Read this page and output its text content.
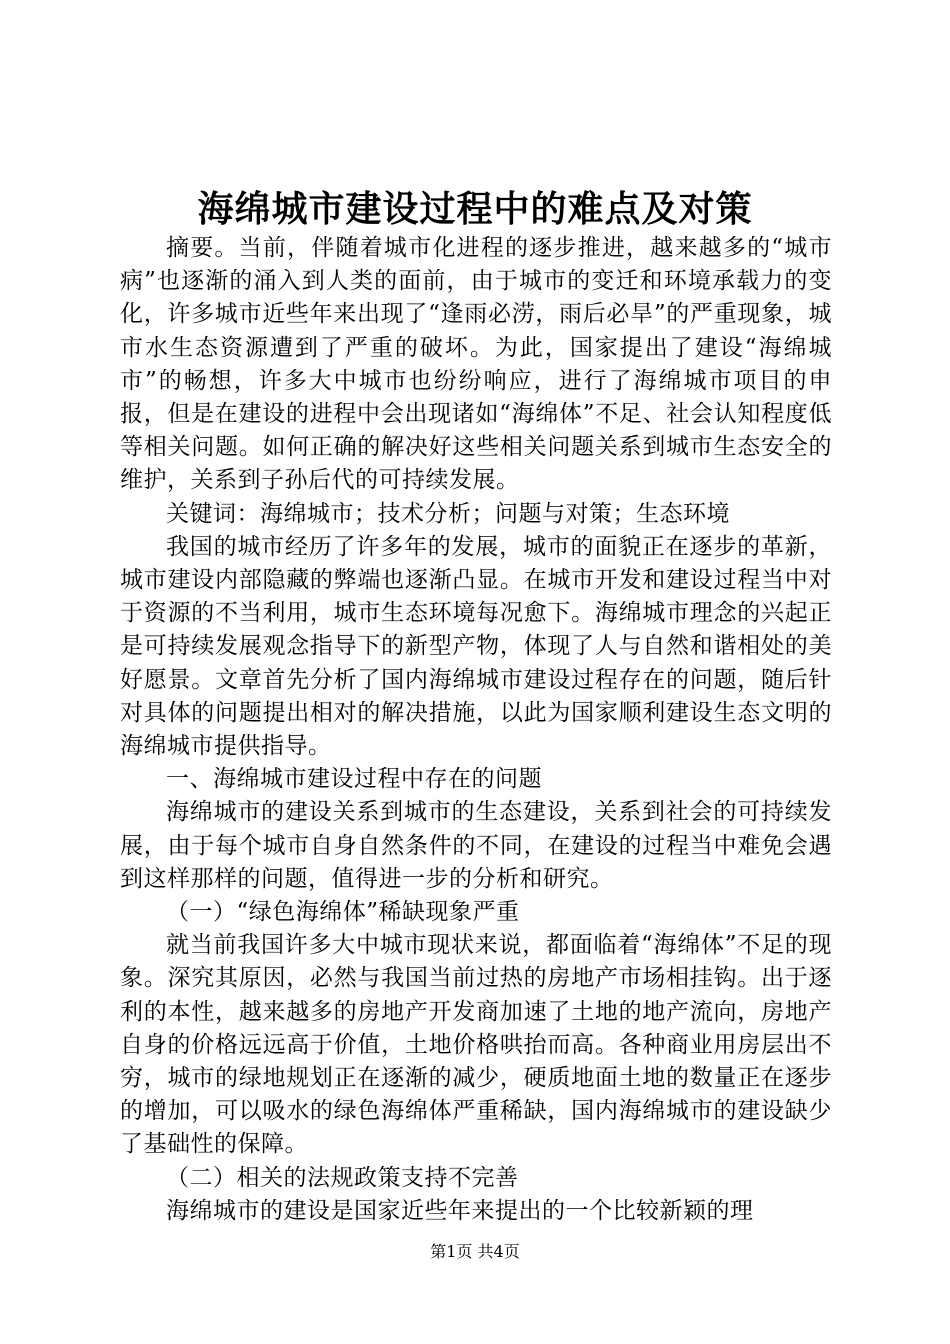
海绵城市建设过程中的难点及对策

摘要。当前，伴随着城市化进程的逐步推进，越来越多的“城市病”也逐渐的涌入到人类的面前，由于城市的变迁和环境承载力的变化，许多城市近些年来出现了“逢雨必涝，雨后必旱”的严重现象，城市水生态资源遭到了严重的破坏。为此，国家提出了建设“海绵城市”的畅想，许多大中城市也纷纷响应，进行了海绵城市项目的申报，但是在建设的进程中会出现诸如“海绵体”不足、社会认知程度低等相关问题。如何正确的解决好这些相关问题关系到城市生态安全的维护，关系到子孙后代的可持续发展。

关键词：海绵城市；技术分析；问题与对策；生态环境

我国的城市经历了许多年的发展，城市的面貌正在逐步的革新，城市建设内部隐藏的弊端也逐渐凸显。在城市开发和建设过程当中对于资源的不当利用，城市生态环境每况愈下。海绵城市理念的兴起正是可持续发展观念指导下的新型产物，体现了人与自然和谐相处的美好愿景。文章首先分析了国内海绵城市建设过程存在的问题，随后针对具体的问题提出相对的解决措施，以此为国家顺利建设生态文明的海绵城市提供指导。

一、海绵城市建设过程中存在的问题

海绵城市的建设关系到城市的生态建设，关系到社会的可持续发展，由于每个城市自身自然条件的不同，在建设的过程当中难免会遇到这样那样的问题，值得进一步的分析和研究。

（一）“绿色海绵体”稀缺现象严重

就当前我国许多大中城市现状来说，都面临着“海绵体”不足的现象。深究其原因，必然与我国当前过热的房地产市场相挂钩。出于逐利的本性，越来越多的房地产开发商加速了土地的地产流向，房地产自身的价格远远高于价值，土地价格哄抬而高。各种商业用房层出不穷，城市的绿地规划正在逐渐的减少，硬质地面土地的数量正在逐步的增加，可以吸水的绿色海绵体严重稀缺，国内海绵城市的建设缺少了基础性的保障。

（二）相关的法规政策支持不完善

海绵城市的建设是国家近些年来提出的一个比较新颖的理

第1页 共4页
